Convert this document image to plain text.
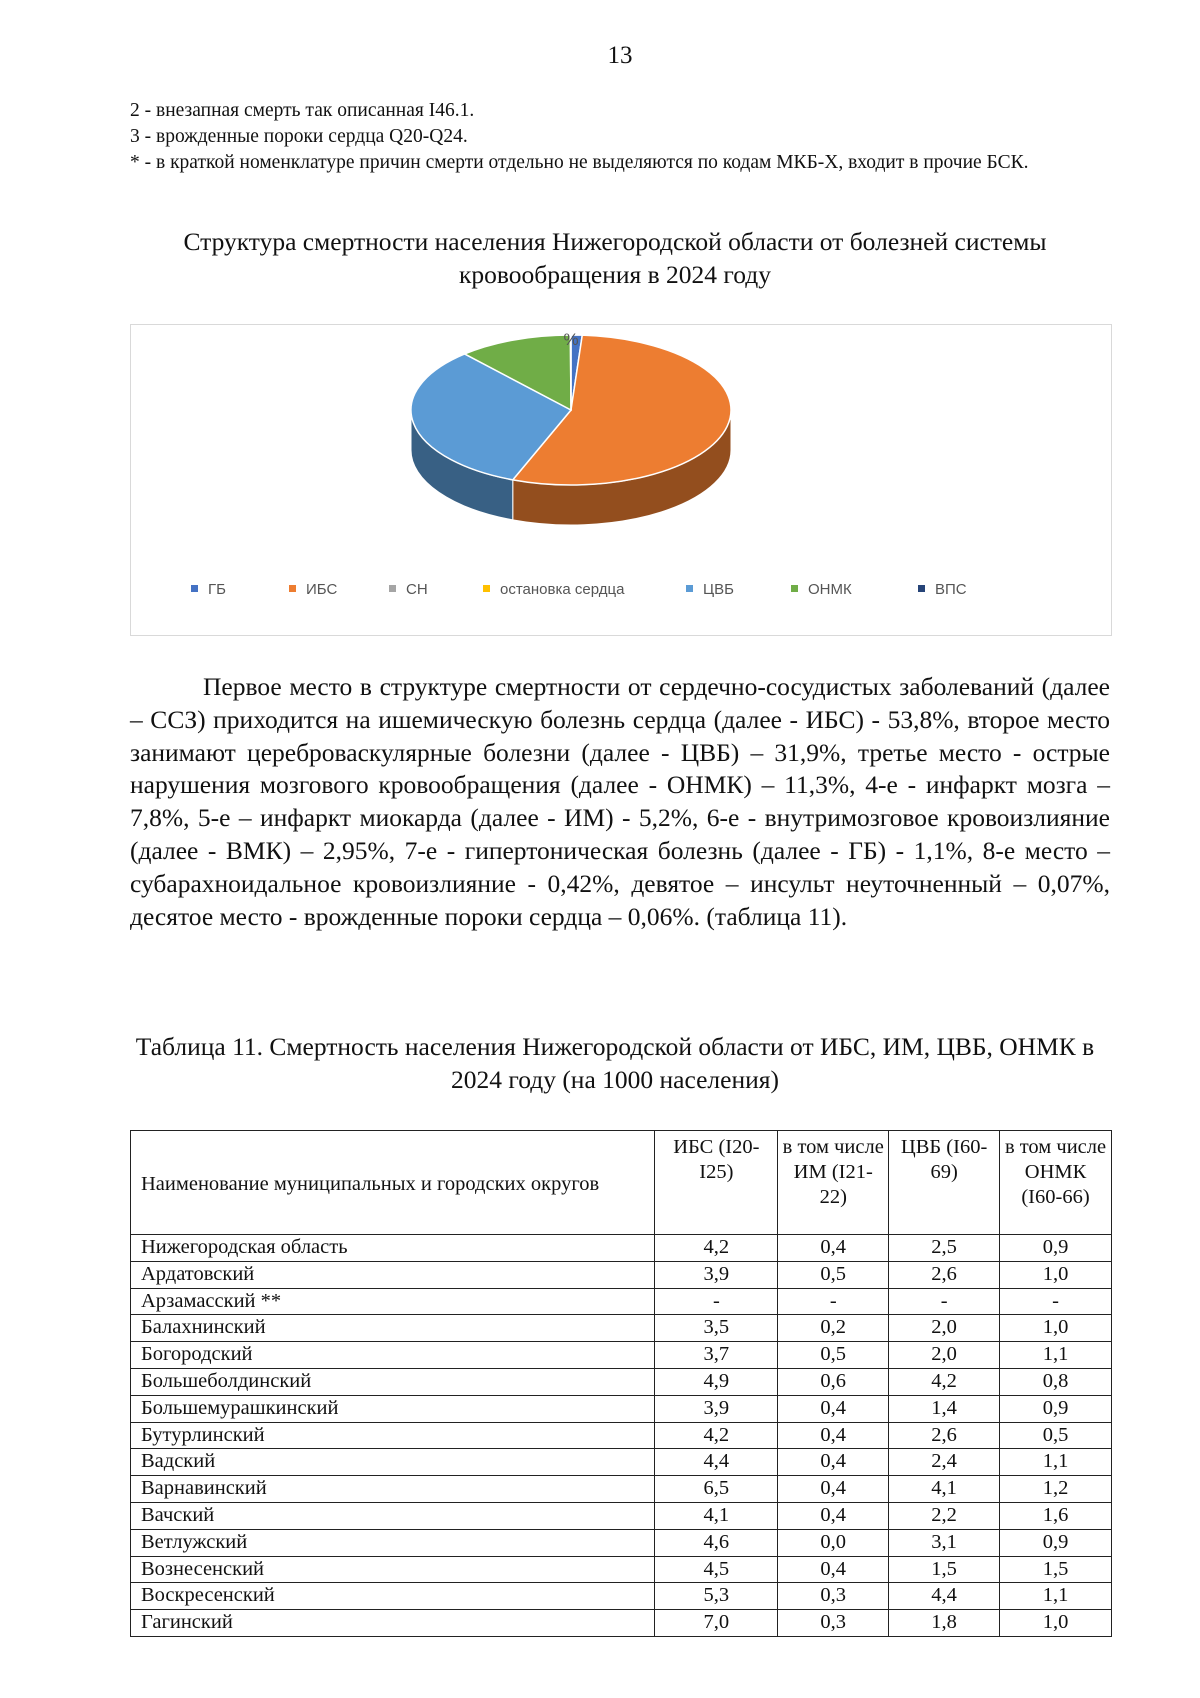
13
2 - внезапная смерть так описанная I46.1.
3 - врожденные пороки сердца Q20-Q24.
* - в краткой номенклатуре причин смерти отдельно не выделяются по кодам МКБ-Х, входит в прочие БСК.
Структура смертности населения Нижегородской области от болезней системы кровообращения в 2024 году
%
ГБ	ИБС	СН	остановка сердца	ЦВБ	ОНМК	ВПС
Первое место в структуре смертности от сердечно-сосудистых заболеваний (далее – ССЗ) приходится на ишемическую болезнь сердца (далее - ИБС) - 53,8%, второе место занимают цереброваскулярные болезни (далее - ЦВБ) – 31,9%, третье место - острые нарушения мозгового кровообращения (далее - ОНМК) – 11,3%, 4-е - инфаркт мозга – 7,8%, 5-е – инфаркт миокарда (далее - ИМ) - 5,2%, 6-е - внутримозговое кровоизлияние (далее - ВМК) – 2,95%, 7-е - гипертоническая болезнь (далее - ГБ) - 1,1%, 8-е место – субарахноидальное кровоизлияние - 0,42%, девятое – инсульт неуточненный – 0,07%, десятое место - врожденные пороки сердца – 0,06%. (таблица 11).
Таблица 11. Смертность населения Нижегородской области от ИБС, ИМ, ЦВБ, ОНМК в 2024 году (на 1000 населения)
Наименование муниципальных и городских округов	ИБС (I20-I25)	в том числе ИМ (I21-22)	ЦВБ (I60-69)	в том числе ОНМК (I60-66)
Нижегородская область	4,2	0,4	2,5	0,9
Ардатовский	3,9	0,5	2,6	1,0
Арзамасский **	-	-	-	-
Балахнинский	3,5	0,2	2,0	1,0
Богородский	3,7	0,5	2,0	1,1
Большеболдинский	4,9	0,6	4,2	0,8
Большемурашкинский	3,9	0,4	1,4	0,9
Бутурлинский	4,2	0,4	2,6	0,5
Вадский	4,4	0,4	2,4	1,1
Варнавинский	6,5	0,4	4,1	1,2
Вачский	4,1	0,4	2,2	1,6
Ветлужский	4,6	0,0	3,1	0,9
Вознесенский	4,5	0,4	1,5	1,5
Воскресенский	5,3	0,3	4,4	1,1
Гагинский	7,0	0,3	1,8	1,0
